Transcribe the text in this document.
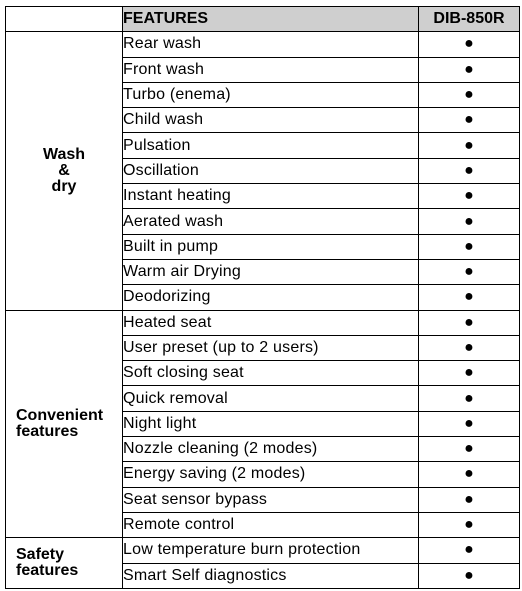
	FEATURES	DIB-850R

Wash
&
dry	Rear wash	●
	Front wash	●
	Turbo (enema)	●
	Child wash	●
	Pulsation	●
	Oscillation	●
	Instant heating	●
	Aerated wash	●
	Built in pump	●
	Warm air Drying	●
	Deodorizing	●

Convenient
features	Heated seat	●
	User preset (up to 2 users)	●
	Soft closing seat	●
	Quick removal	●
	Night light	●
	Nozzle cleaning (2 modes)	●
	Energy saving (2 modes)	●
	Seat sensor bypass	●
	Remote control	●

Safety
features	Low temperature burn protection	●
	Smart Self diagnostics	●
